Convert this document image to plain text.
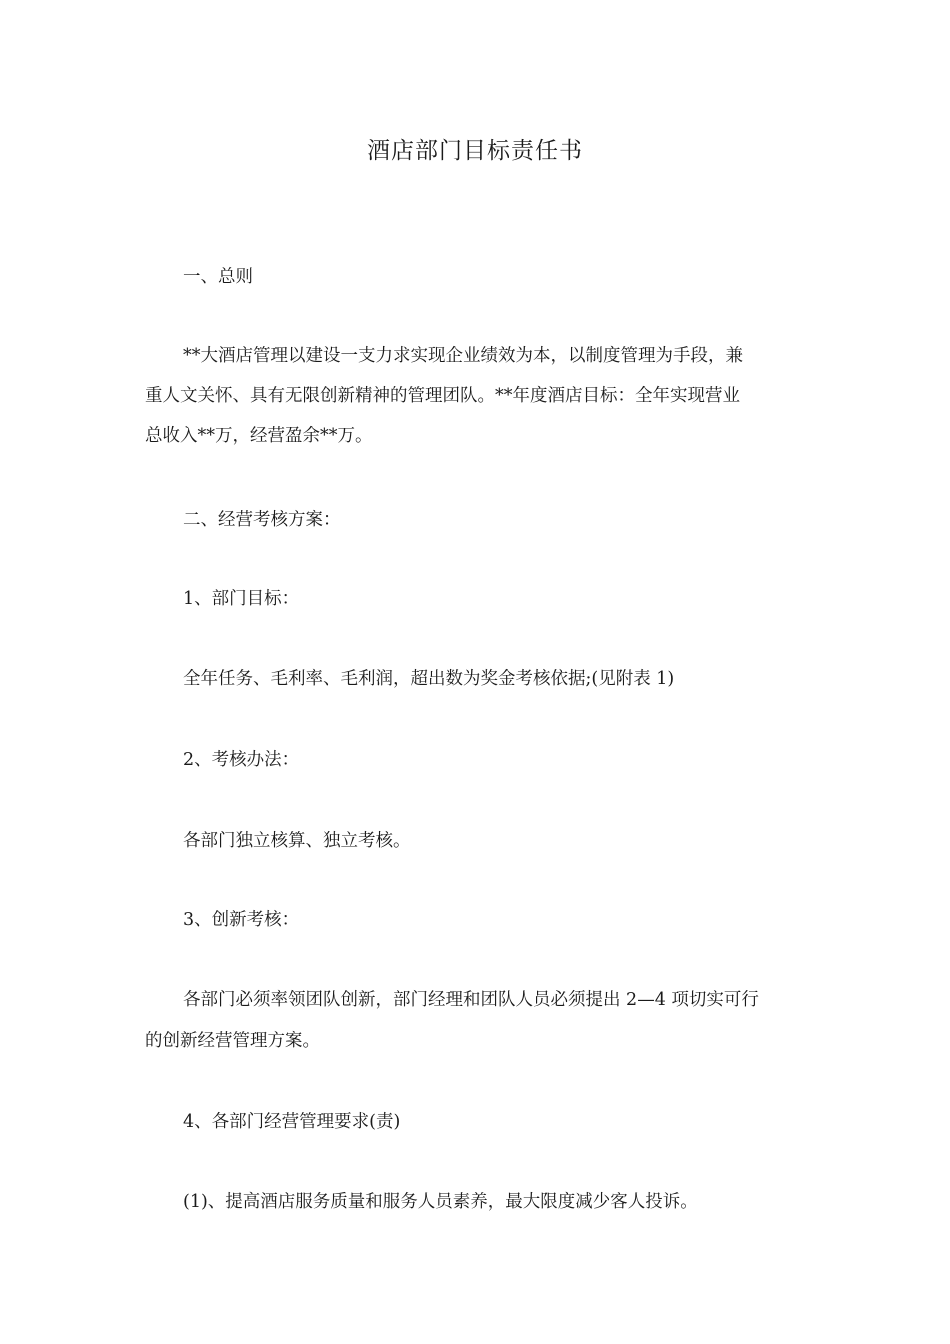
酒店部门目标责任书
一、总则
**大酒店管理以建设一支力求实现企业绩效为本，以制度管理为手段，兼
重人文关怀、具有无限创新精神的管理团队。**年度酒店目标：全年实现营业
总收入**万，经营盈余**万。
二、经营考核方案：
1、部门目标：
全年任务、毛利率、毛利润，超出数为奖金考核依据;(见附表 1)
2、考核办法：
各部门独立核算、独立考核。
3、创新考核：
各部门必须率领团队创新，部门经理和团队人员必须提出 2—4 项切实可行
的创新经营管理方案。
4、各部门经营管理要求(责)
(1)、提高酒店服务质量和服务人员素养，最大限度减少客人投诉。
